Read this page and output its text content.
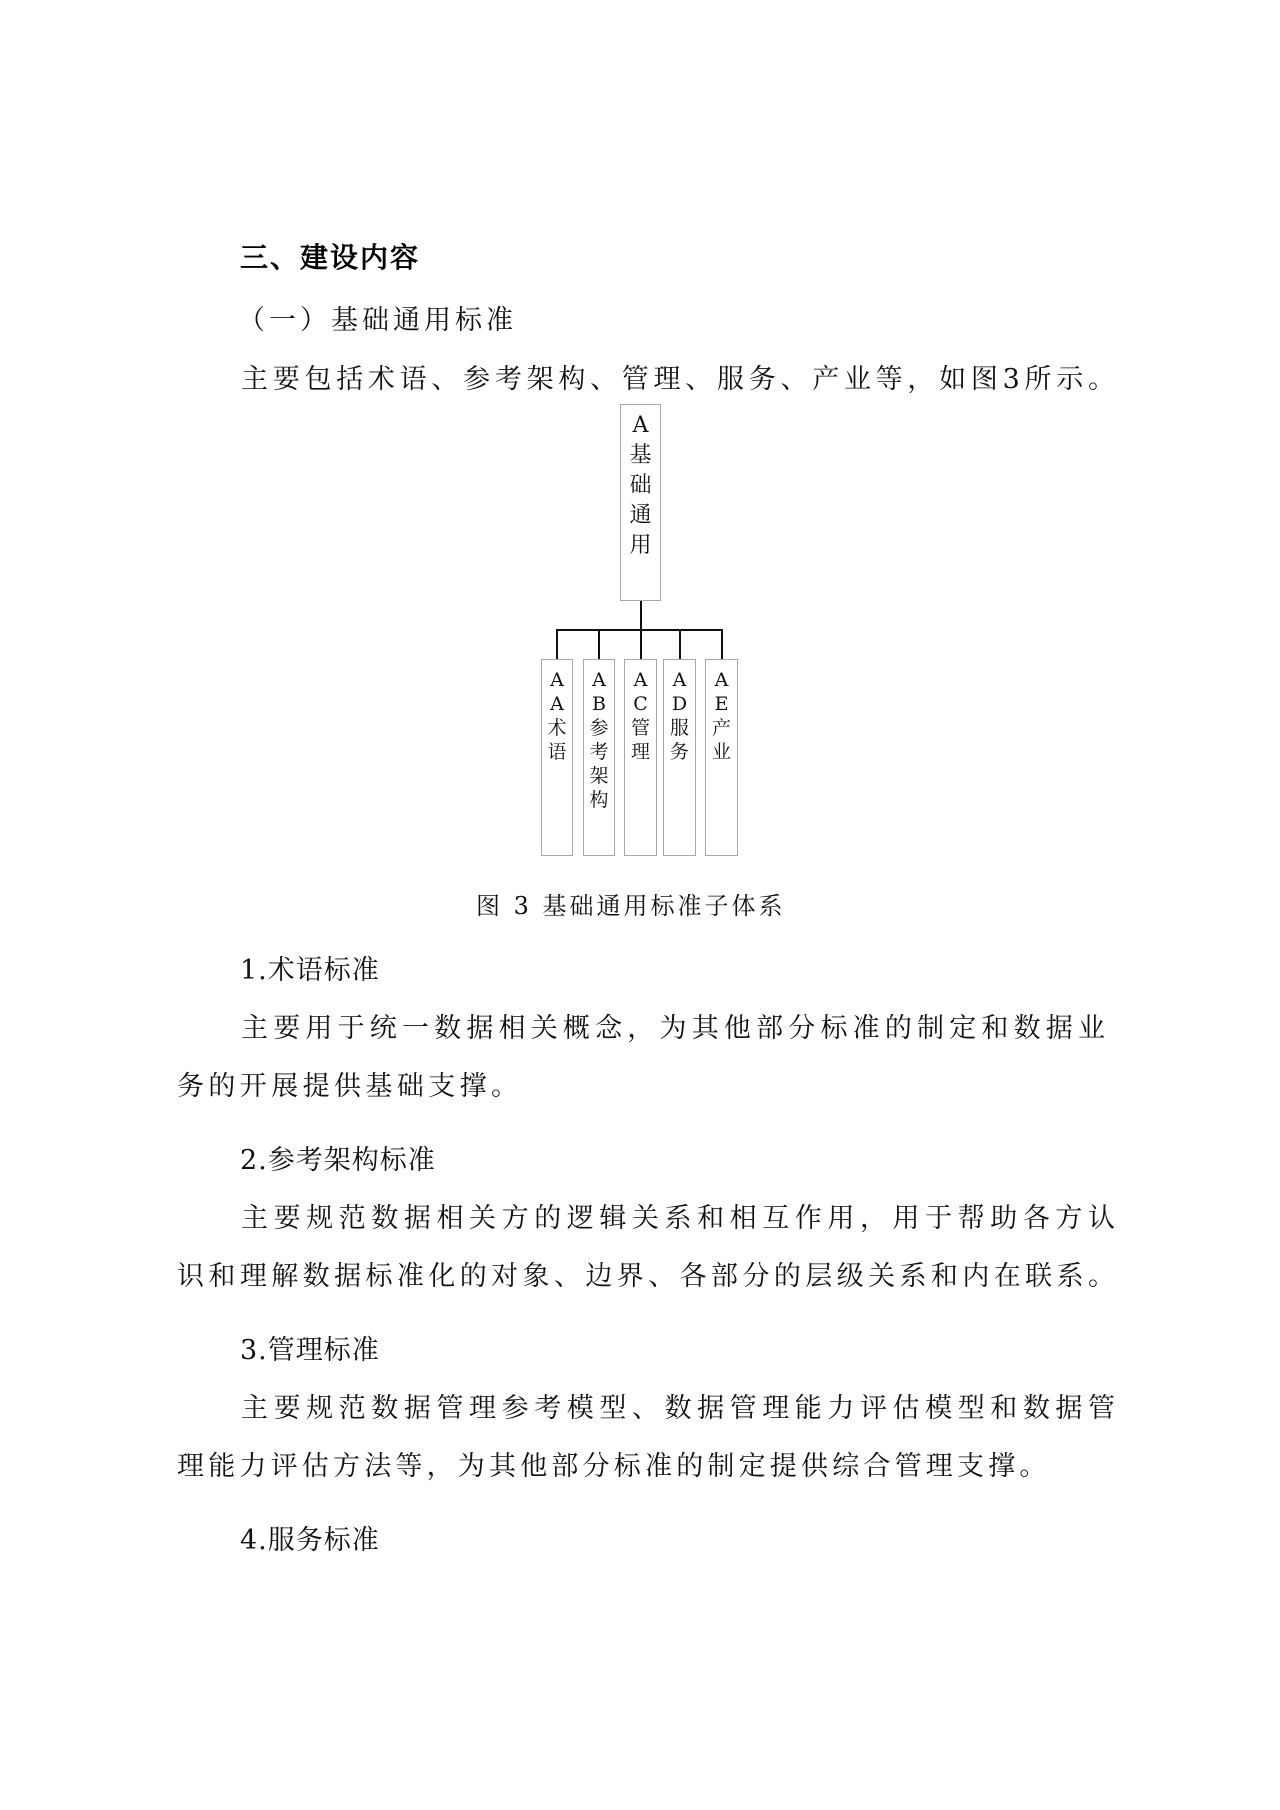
三、建设内容
（一）基础通用标准
主要包括术语、参考架构、管理、服务、产业等，如图3所示。
A
基
础
通
用
A
A
术
语
A
B
参
考
架
构
A
C
管
理
A
D
服
务
A
E
产
业
图 3 基础通用标准子体系
1.术语标准
主要用于统一数据相关概念，为其他部分标准的制定和数据业
务的开展提供基础支撑。
2.参考架构标准
主要规范数据相关方的逻辑关系和相互作用，用于帮助各方认
识和理解数据标准化的对象、边界、各部分的层级关系和内在联系。
3.管理标准
主要规范数据管理参考模型、数据管理能力评估模型和数据管
理能力评估方法等，为其他部分标准的制定提供综合管理支撑。
4.服务标准
